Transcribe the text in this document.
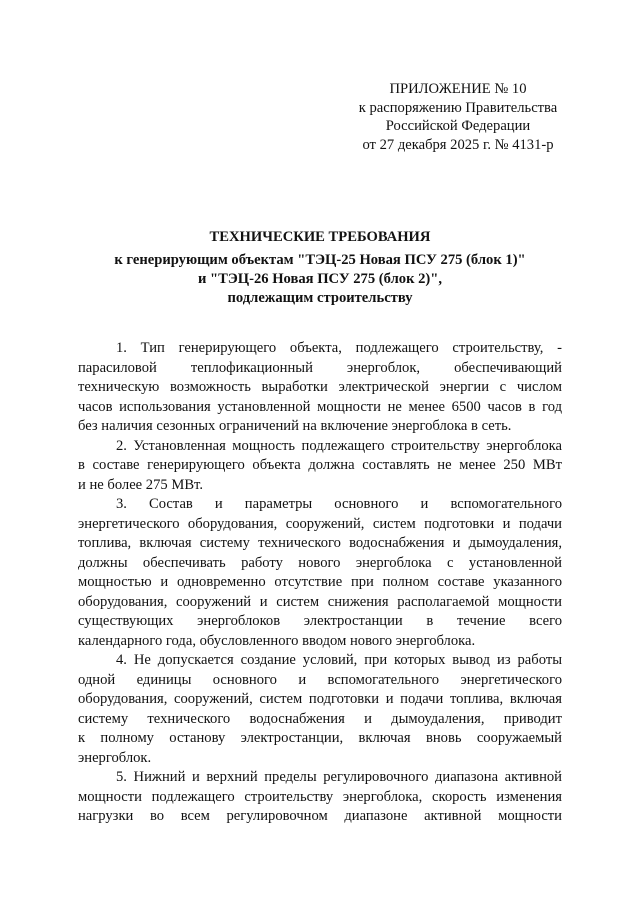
ПРИЛОЖЕНИЕ № 10
к распоряжению Правительства
Российской Федерации
от 27 декабря 2025 г. № 4131-р
ТЕХНИЧЕСКИЕ ТРЕБОВАНИЯ
к генерирующим объектам "ТЭЦ-25 Новая ПСУ 275 (блок 1)"
и "ТЭЦ-26 Новая ПСУ 275 (блок 2)",
подлежащим строительству
1. Тип генерирующего объекта, подлежащего строительству, -
парасиловой теплофикационный энергоблок, обеспечивающий
техническую возможность выработки электрической энергии с числом
часов использования установленной мощности не менее 6500 часов в год
без наличия сезонных ограничений на включение энергоблока в сеть.
2. Установленная мощность подлежащего строительству энергоблока
в составе генерирующего объекта должна составлять не менее 250 МВт
и не более 275 МВт.
3. Состав и параметры основного и вспомогательного
энергетического оборудования, сооружений, систем подготовки и подачи
топлива, включая систему технического водоснабжения и дымоудаления,
должны обеспечивать работу нового энергоблока с установленной
мощностью и одновременно отсутствие при полном составе указанного
оборудования, сооружений и систем снижения располагаемой мощности
существующих энергоблоков электростанции в течение всего
календарного года, обусловленного вводом нового энергоблока.
4. Не допускается создание условий, при которых вывод из работы
одной единицы основного и вспомогательного энергетического
оборудования, сооружений, систем подготовки и подачи топлива, включая
систему технического водоснабжения и дымоудаления, приводит
к полному останову электростанции, включая вновь сооружаемый
энергоблок.
5. Нижний и верхний пределы регулировочного диапазона активной
мощности подлежащего строительству энергоблока, скорость изменения
нагрузки во всем регулировочном диапазоне активной мощности
